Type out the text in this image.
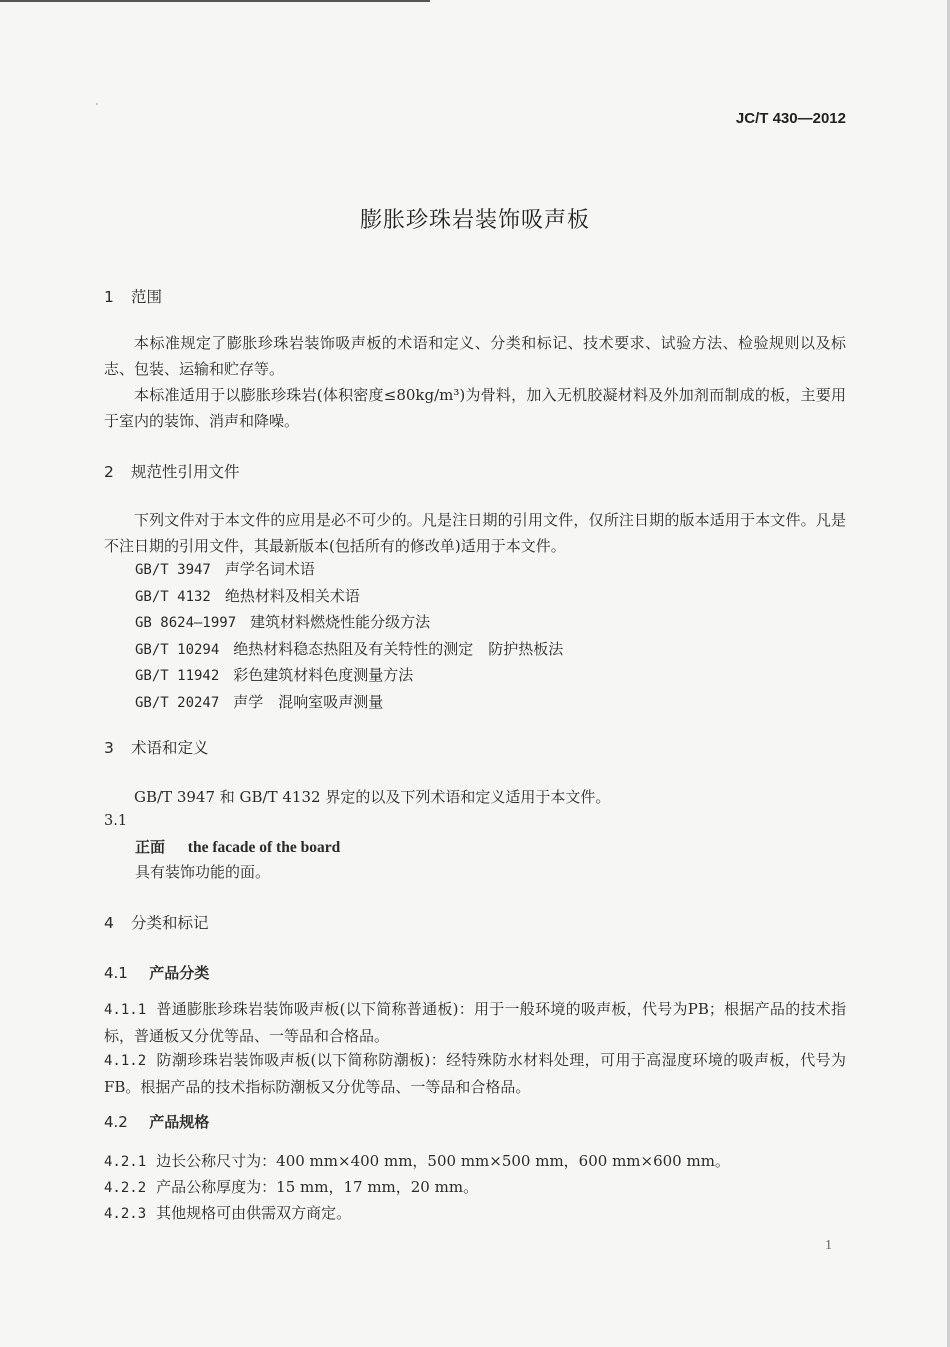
JC/T 430—2012
膨胀珍珠岩装饰吸声板
1 范围
本标准规定了膨胀珍珠岩装饰吸声板的术语和定义、分类和标记、技术要求、试验方法、检验规则以及标志、包装、运输和贮存等。
本标准适用于以膨胀珍珠岩(体积密度≤80kg/m³)为骨料，加入无机胶凝材料及外加剂而制成的板，主要用于室内的装饰、消声和降噪。
2 规范性引用文件
下列文件对于本文件的应用是必不可少的。凡是注日期的引用文件，仅所注日期的版本适用于本文件。凡是不注日期的引用文件，其最新版本(包括所有的修改单)适用于本文件。
GB/T 3947 声学名词术语
GB/T 4132 绝热材料及相关术语
GB 8624—1997 建筑材料燃烧性能分级方法
GB/T 10294 绝热材料稳态热阻及有关特性的测定　防护热板法
GB/T 11942 彩色建筑材料色度测量方法
GB/T 20247 声学　混响室吸声测量
3 术语和定义
GB/T 3947 和 GB/T 4132 界定的以及下列术语和定义适用于本文件。
3.1
正面 the facade of the board
具有装饰功能的面。
4 分类和标记
4.1 产品分类
4.1.1 普通膨胀珍珠岩装饰吸声板(以下简称普通板)：用于一般环境的吸声板，代号为PB；根据产品的技术指标，普通板又分优等品、一等品和合格品。
4.1.2 防潮珍珠岩装饰吸声板(以下简称防潮板)：经特殊防水材料处理，可用于高湿度环境的吸声板，代号为FB。根据产品的技术指标防潮板又分优等品、一等品和合格品。
4.2 产品规格
4.2.1 边长公称尺寸为：400 mm×400 mm，500 mm×500 mm，600 mm×600 mm。
4.2.2 产品公称厚度为：15 mm，17 mm，20 mm。
4.2.3 其他规格可由供需双方商定。
1
